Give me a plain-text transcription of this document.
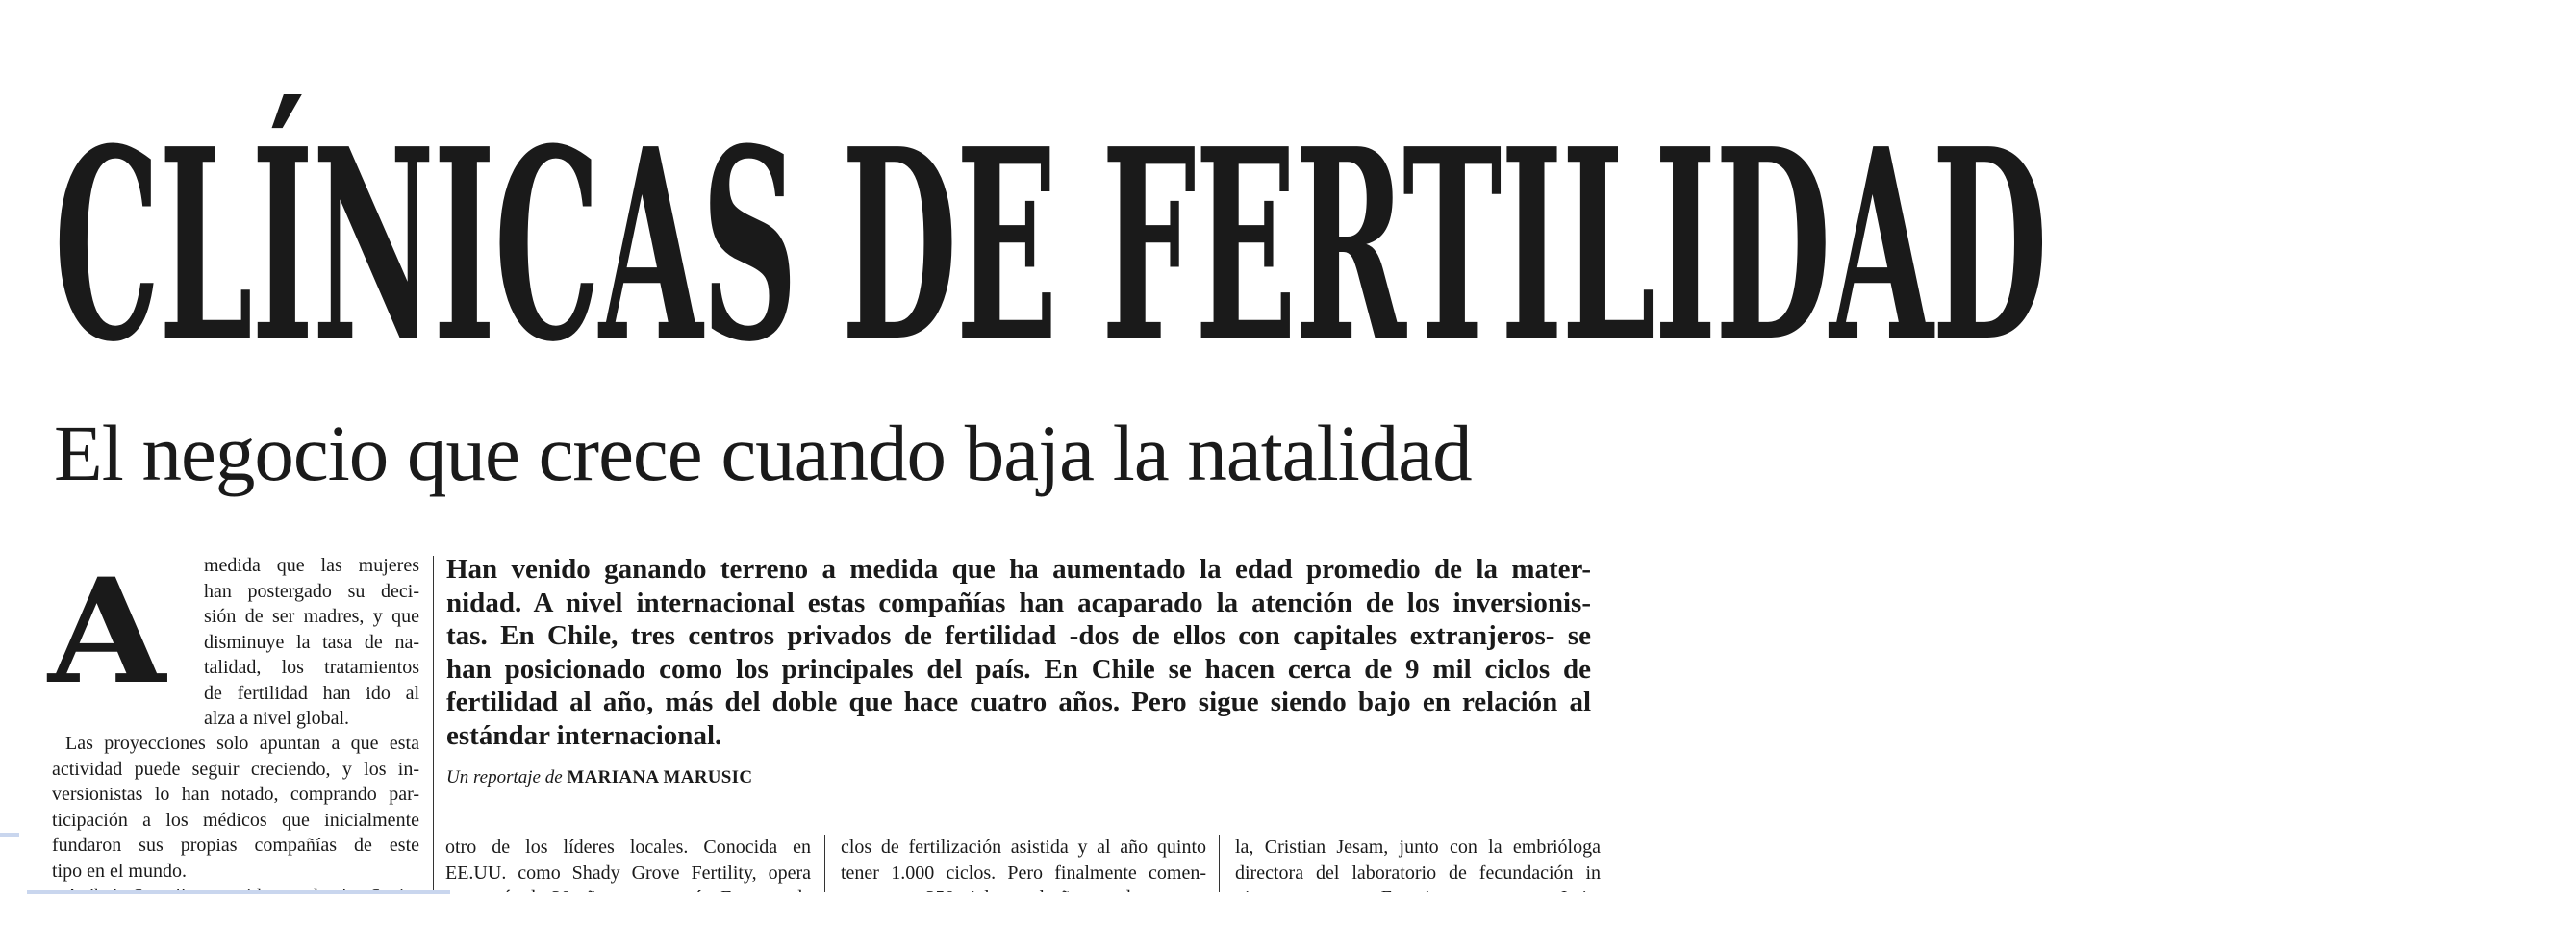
CLÍNICAS DE FERTILIDAD
El negocio que crece cuando baja la natalidad
A medida que las mujeres
han postergado su deci-
sión de ser madres, y que
disminuye la tasa de na-
talidad, los tratamientos
de fertilidad han ido al
alza a nivel global.
Las proyecciones solo apuntan a que esta
actividad puede seguir creciendo, y los in-
versionistas lo han notado, comprando par-
ticipación a los médicos que inicialmente
fundaron sus propias compañías de este
tipo en el mundo.
Han venido ganando terreno a medida que ha aumentado la edad promedio de la mater-
nidad. A nivel internacional estas compañías han acaparado la atención de los inversionis-
tas. En Chile, tres centros privados de fertilidad -dos de ellos con capitales extranjeros- se
han posicionado como los principales del país. En Chile se hacen cerca de 9 mil ciclos de
fertilidad al año, más del doble que hace cuatro años. Pero sigue siendo bajo en relación al
estándar internacional.
Un reportaje de MARIANA MARUSIC
otro de los líderes locales. Conocida en
EE.UU. como Shady Grove Fertility, opera
clos de fertilización asistida y al año quinto
tener 1.000 ciclos. Pero finalmente comen-
la, Cristian Jesam, junto con la embrióloga
directora del laboratorio de fecundación in
